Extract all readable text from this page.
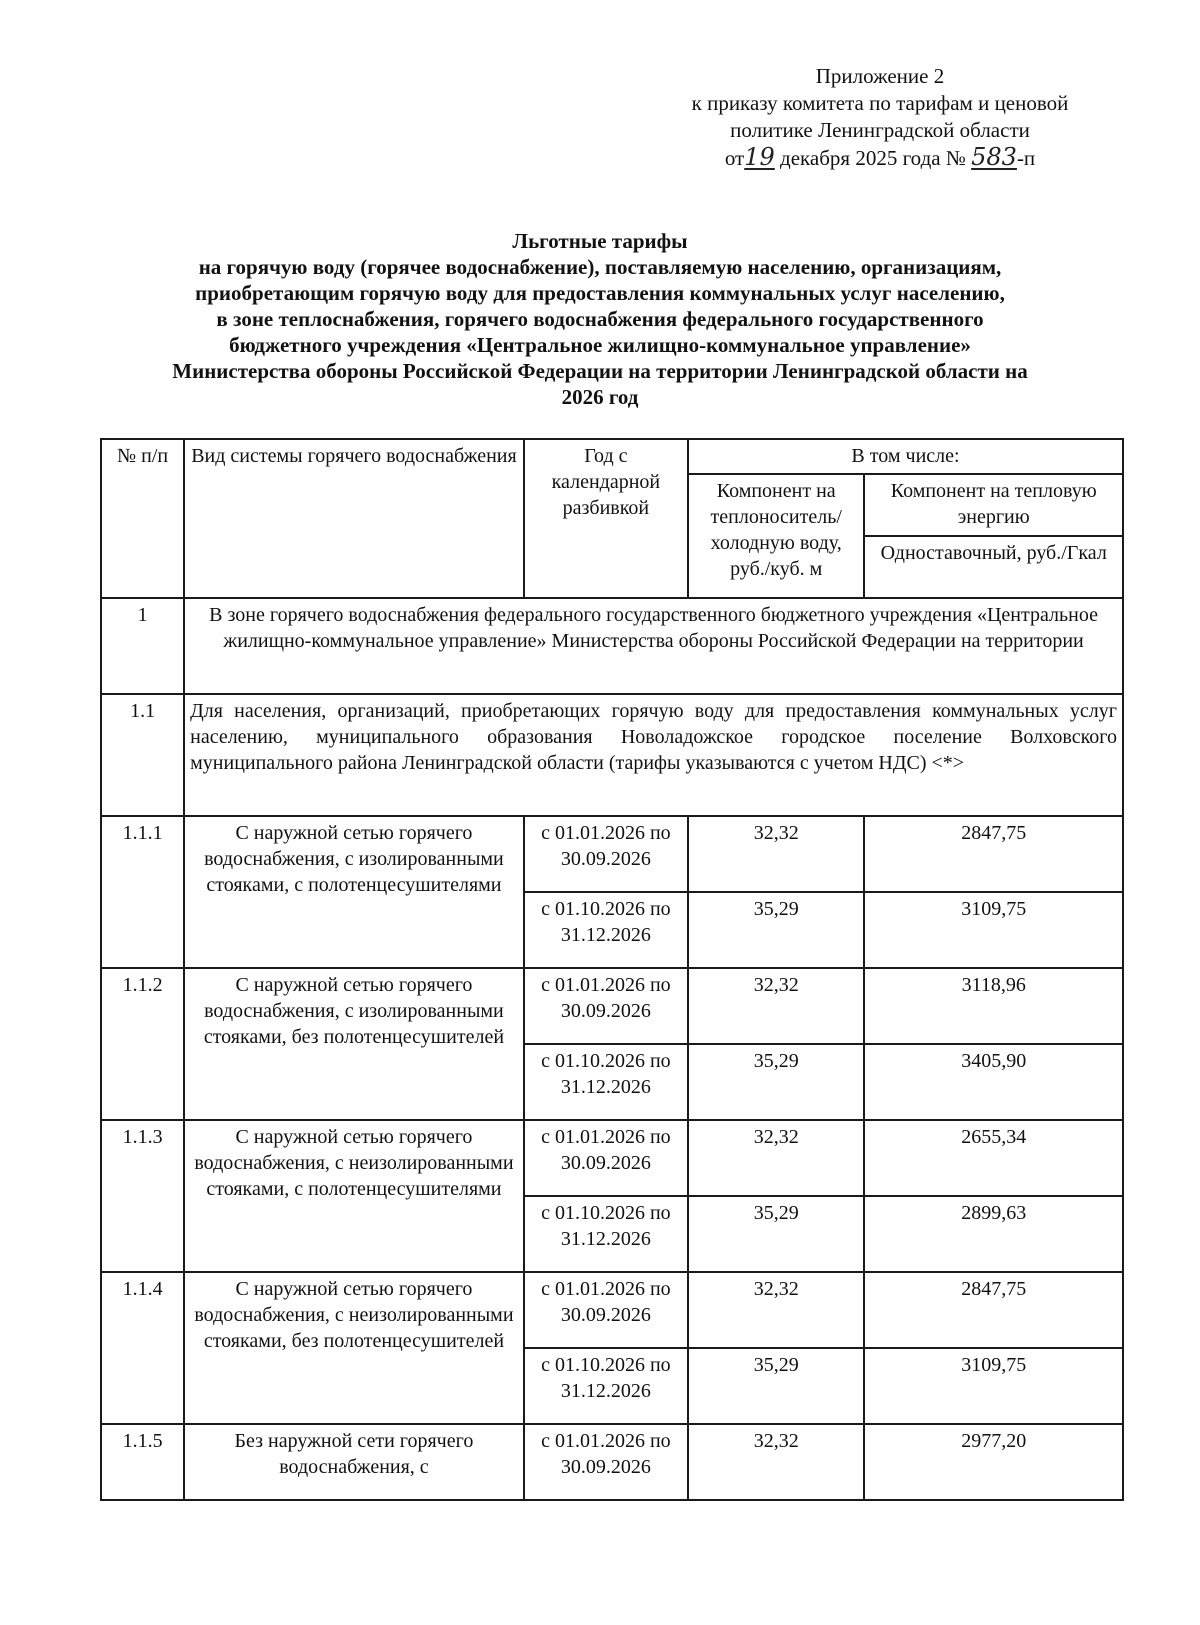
Приложение 2
к приказу комитета по тарифам и ценовой
политике Ленинградской области
от19 декабря 2025 года № 583-п
Льготные тарифы
на горячую воду (горячее водоснабжение), поставляемую населению, организациям,
приобретающим горячую воду для предоставления коммунальных услуг населению,
в зоне теплоснабжения, горячего водоснабжения федерального государственного
бюджетного учреждения «Центральное жилищно-коммунальное управление»
Министерства обороны Российской Федерации на территории Ленинградской области на
2026 год
№ п/п	Вид системы горячего водоснабжения	Год с календарной разбивкой	В том числе:	
			Компонент на теплоноситель/ холодную воду, руб./куб. м	Компонент на тепловую энергию
				Одноставочный, руб./Гкал
1	В зоне горячего водоснабжения федерального государственного бюджетного учреждения «Центральное жилищно-коммунальное управление» Министерства обороны Российской Федерации на территории			
1.1	Для населения, организаций, приобретающих горячую воду для предоставления коммунальных услуг населению, муниципального образования Новоладожское городское поселение Волховского муниципального района Ленинградской области (тарифы указываются с учетом НДС) <*>			
1.1.1	С наружной сетью горячего водоснабжения, с изолированными стояками, с полотенцесушителями	с 01.01.2026 по 30.09.2026	32,32	2847,75
		с 01.10.2026 по 31.12.2026	35,29	3109,75
1.1.2	С наружной сетью горячего водоснабжения, с изолированными стояками, без полотенцесушителей	с 01.01.2026 по 30.09.2026	32,32	3118,96
		с 01.10.2026 по 31.12.2026	35,29	3405,90
1.1.3	С наружной сетью горячего водоснабжения, с неизолированными стояками, с полотенцесушителями	с 01.01.2026 по 30.09.2026	32,32	2655,34
		с 01.10.2026 по 31.12.2026	35,29	2899,63
1.1.4	С наружной сетью горячего водоснабжения, с неизолированными стояками, без полотенцесушителей	с 01.01.2026 по 30.09.2026	32,32	2847,75
		с 01.10.2026 по 31.12.2026	35,29	3109,75
1.1.5	Без наружной сети горячего водоснабжения, с	с 01.01.2026 по 30.09.2026	32,32	2977,20
